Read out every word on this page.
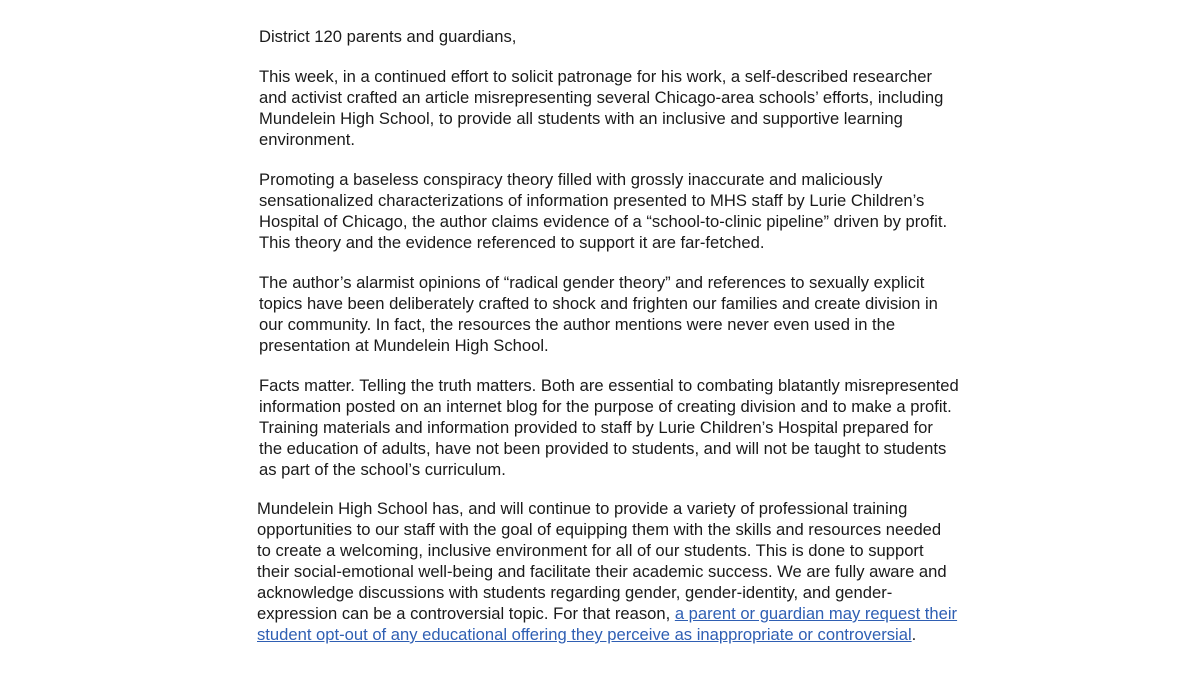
District 120 parents and guardians,

This week, in a continued effort to solicit patronage for his work, a self-described researcher and activist crafted an article misrepresenting several Chicago-area schools’ efforts, including Mundelein High School, to provide all students with an inclusive and supportive learning environment.

Promoting a baseless conspiracy theory filled with grossly inaccurate and maliciously sensationalized characterizations of information presented to MHS staff by Lurie Children’s Hospital of Chicago, the author claims evidence of a “school-to-clinic pipeline” driven by profit. This theory and the evidence referenced to support it are far-fetched.

The author’s alarmist opinions of “radical gender theory” and references to sexually explicit topics have been deliberately crafted to shock and frighten our families and create division in our community. In fact, the resources the author mentions were never even used in the presentation at Mundelein High School.

Facts matter. Telling the truth matters. Both are essential to combating blatantly misrepresented information posted on an internet blog for the purpose of creating division and to make a profit. Training materials and information provided to staff by Lurie Children’s Hospital prepared for the education of adults, have not been provided to students, and will not be taught to students as part of the school’s curriculum.

Mundelein High School has, and will continue to provide a variety of professional training opportunities to our staff with the goal of equipping them with the skills and resources needed to create a welcoming, inclusive environment for all of our students. This is done to support their social-emotional well-being and facilitate their academic success. We are fully aware and acknowledge discussions with students regarding gender, gender-identity, and gender-expression can be a controversial topic. For that reason, a parent or guardian may request their student opt-out of any educational offering they perceive as inappropriate or controversial.
